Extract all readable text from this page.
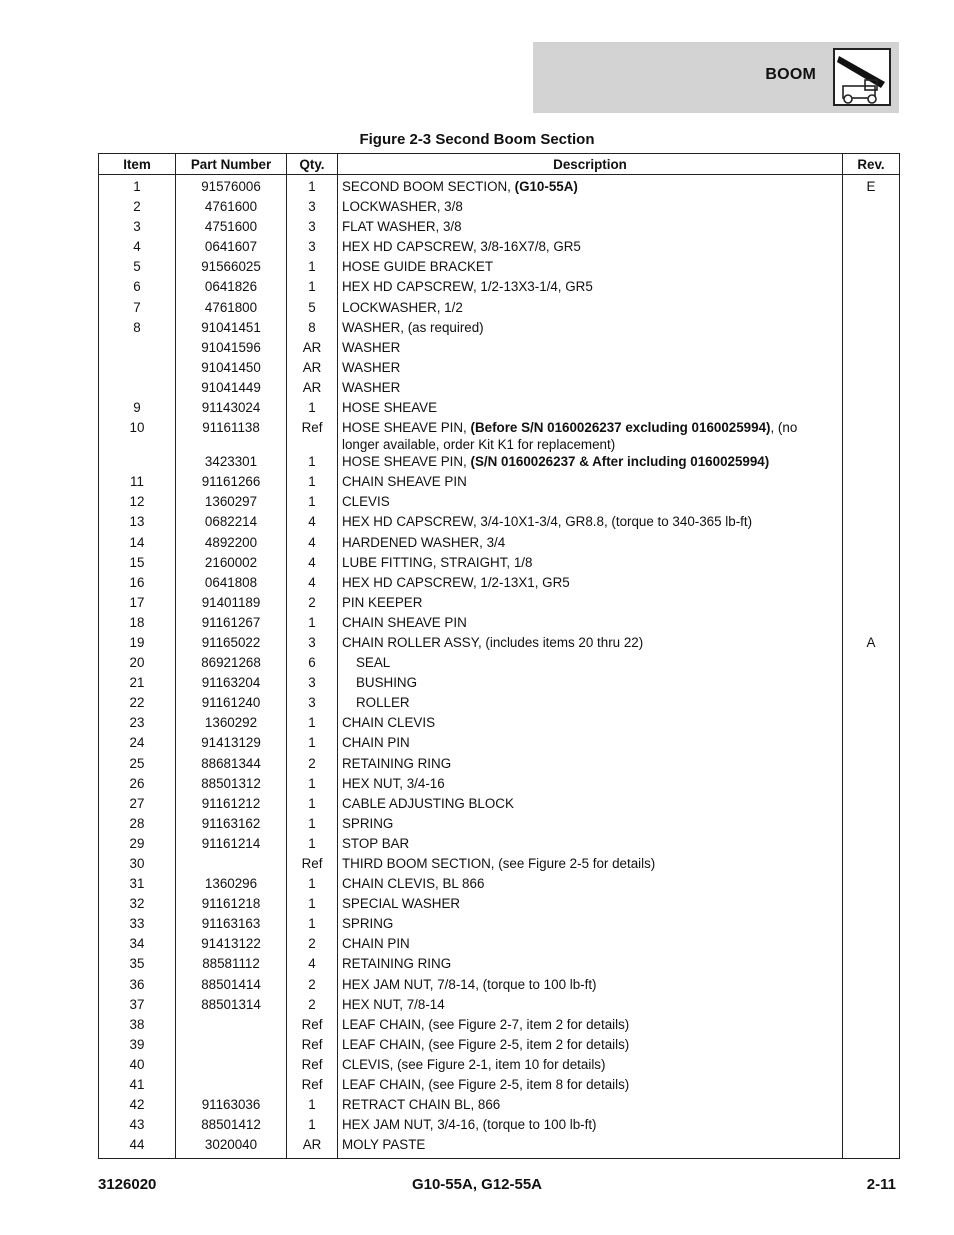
BOOM
Figure 2-3 Second Boom Section
Item	Part Number	Qty.	Description	Rev.
1	91576006	1	SECOND BOOM SECTION, (G10-55A)	E
2	4761600	3	LOCKWASHER, 3/8	
3	4751600	3	FLAT WASHER, 3/8	
4	0641607	3	HEX HD CAPSCREW, 3/8-16X7/8, GR5	
5	91566025	1	HOSE GUIDE BRACKET	
6	0641826	1	HEX HD CAPSCREW, 1/2-13X3-1/4, GR5	
7	4761800	5	LOCKWASHER, 1/2	
8	91041451	8	WASHER, (as required)	
	91041596	AR	WASHER	
	91041450	AR	WASHER	
	91041449	AR	WASHER	
9	91143024	1	HOSE SHEAVE	
10	91161138	Ref	HOSE SHEAVE PIN, (Before S/N 0160026237 excluding 0160025994), (no longer available, order Kit K1 for replacement)	
	3423301	1	HOSE SHEAVE PIN, (S/N 0160026237 & After including 0160025994)	
11	91161266	1	CHAIN SHEAVE PIN	
12	1360297	1	CLEVIS	
13	0682214	4	HEX HD CAPSCREW, 3/4-10X1-3/4, GR8.8, (torque to 340-365 lb-ft)	
14	4892200	4	HARDENED WASHER, 3/4	
15	2160002	4	LUBE FITTING, STRAIGHT, 1/8	
16	0641808	4	HEX HD CAPSCREW, 1/2-13X1, GR5	
17	91401189	2	PIN KEEPER	
18	91161267	1	CHAIN SHEAVE PIN	
19	91165022	3	CHAIN ROLLER ASSY, (includes items 20 thru 22)	A
20	86921268	6	SEAL	
21	91163204	3	BUSHING	
22	91161240	3	ROLLER	
23	1360292	1	CHAIN CLEVIS	
24	91413129	1	CHAIN PIN	
25	88681344	2	RETAINING RING	
26	88501312	1	HEX NUT, 3/4-16	
27	91161212	1	CABLE ADJUSTING BLOCK	
28	91163162	1	SPRING	
29	91161214	1	STOP BAR	
30		Ref	THIRD BOOM SECTION, (see Figure 2-5 for details)	
31	1360296	1	CHAIN CLEVIS, BL 866	
32	91161218	1	SPECIAL WASHER	
33	91163163	1	SPRING	
34	91413122	2	CHAIN PIN	
35	88581112	4	RETAINING RING	
36	88501414	2	HEX JAM NUT, 7/8-14, (torque to 100 lb-ft)	
37	88501314	2	HEX NUT, 7/8-14	
38		Ref	LEAF CHAIN, (see Figure 2-7, item 2 for details)	
39		Ref	LEAF CHAIN, (see Figure 2-5, item 2 for details)	
40		Ref	CLEVIS, (see Figure 2-1, item 10 for details)	
41		Ref	LEAF CHAIN, (see Figure 2-5, item 8 for details)	
42	91163036	1	RETRACT CHAIN BL, 866	
43	88501412	1	HEX JAM NUT, 3/4-16, (torque to 100 lb-ft)	
44	3020040	AR	MOLY PASTE	
3126020	G10-55A, G12-55A	2-11
